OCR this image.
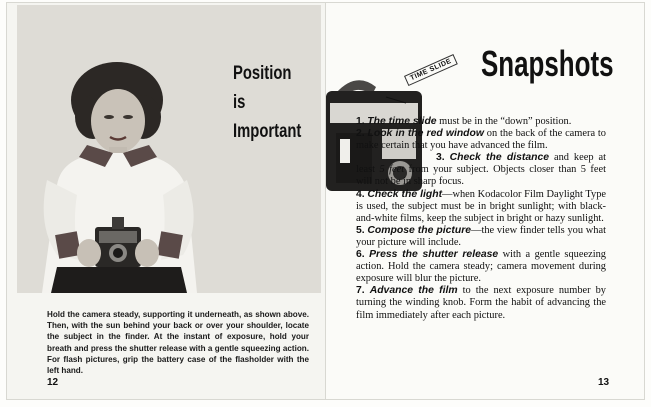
Position
is
Important
Hold the camera steady, supporting it underneath, as shown above. Then, with the sun behind your back or over your shoulder, locate the subject in the finder. At the instant of exposure, hold your breath and press the shutter release with a gentle squeezing action. For flash pictures, grip the battery case of the flasholder with the left hand.
12
Snapshots
TIME SLIDE

1. The time slide must be in the “down” position.

2. Look in the red window on the back of the camera to make certain that you have advanced the film.

3. Check the distance and keep at least 5 feet from your subject. Objects closer than 5 feet will not be in sharp focus.

4. Check the light—when Kodacolor Film Daylight Type is used, the subject must be in bright sunlight; with black-and-white films, keep the subject in bright or hazy sunlight.

5. Compose the picture—the view finder tells you what your picture will include.

6. Press the shutter release with a gentle squeezing action. Hold the camera steady; camera movement during exposure will blur the picture.

7. Advance the film to the next exposure number by turning the winding knob. Form the habit of advancing the film immediately after each picture.

13
